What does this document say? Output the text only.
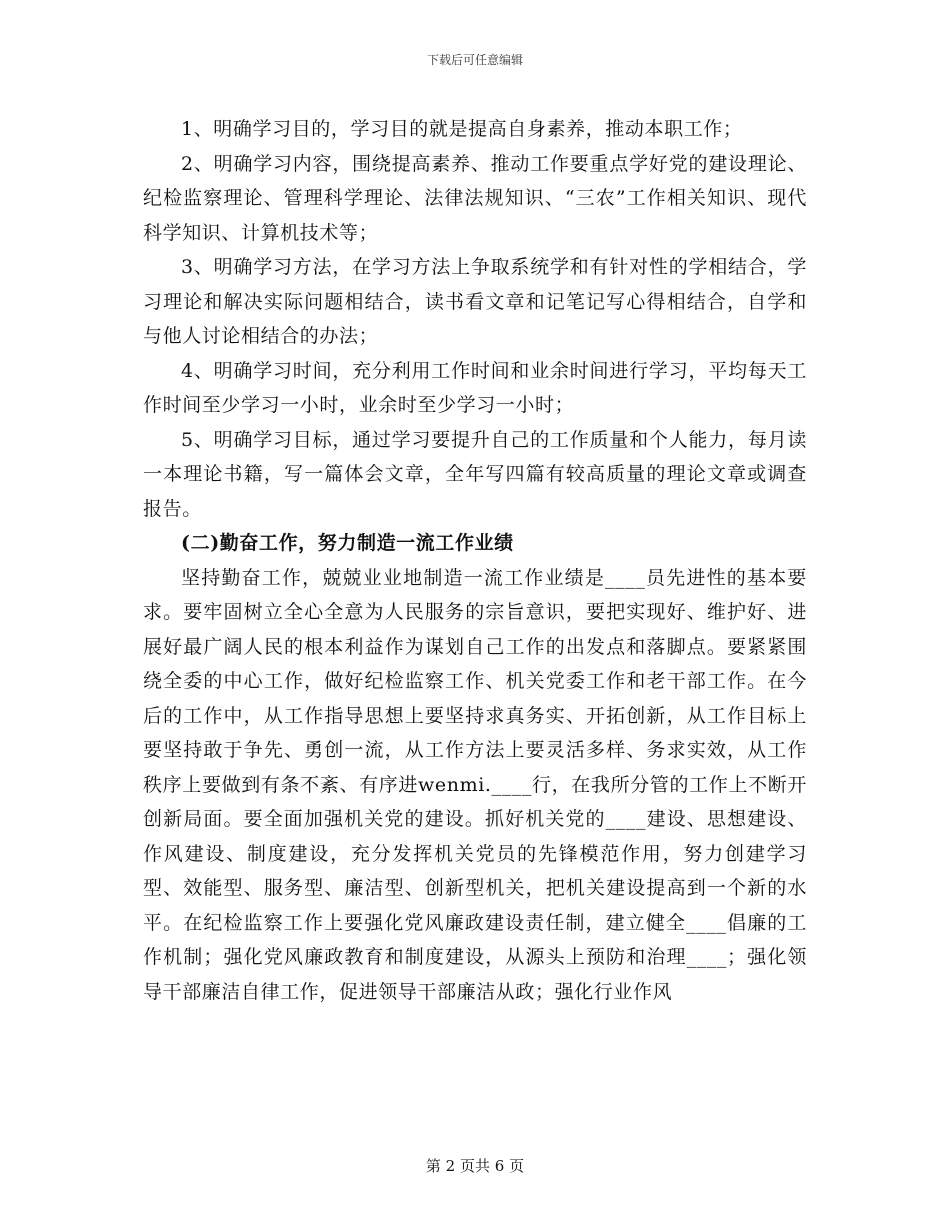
下载后可任意编辑

1、明确学习目的，学习目的就是提高自身素养，推动本职工作；

2、明确学习内容，围绕提高素养、推动工作要重点学好党的建设理论、纪检监察理论、管理科学理论、法律法规知识、“三农”工作相关知识、现代科学知识、计算机技术等；

3、明确学习方法，在学习方法上争取系统学和有针对性的学相结合，学习理论和解决实际问题相结合，读书看文章和记笔记写心得相结合，自学和与他人讨论相结合的办法；

4、明确学习时间，充分利用工作时间和业余时间进行学习，平均每天工作时间至少学习一小时，业余时至少学习一小时；

5、明确学习目标，通过学习要提升自己的工作质量和个人能力，每月读一本理论书籍，写一篇体会文章，全年写四篇有较高质量的理论文章或调查报告。

(二)勤奋工作，努力制造一流工作业绩

坚持勤奋工作，兢兢业业地制造一流工作业绩是____员先进性的基本要求。要牢固树立全心全意为人民服务的宗旨意识，要把实现好、维护好、进展好最广阔人民的根本利益作为谋划自己工作的出发点和落脚点。要紧紧围绕全委的中心工作，做好纪检监察工作、机关党委工作和老干部工作。在今后的工作中，从工作指导思想上要坚持求真务实、开拓创新，从工作目标上要坚持敢于争先、勇创一流，从工作方法上要灵活多样、务求实效，从工作秩序上要做到有条不紊、有序进wenmi.____行，在我所分管的工作上不断开创新局面。要全面加强机关党的建设。抓好机关党的____建设、思想建设、作风建设、制度建设，充分发挥机关党员的先锋模范作用，努力创建学习型、效能型、服务型、廉洁型、创新型机关，把机关建设提高到一个新的水平。在纪检监察工作上要强化党风廉政建设责任制，建立健全____倡廉的工作机制；强化党风廉政教育和制度建设，从源头上预防和治理____；强化领导干部廉洁自律工作，促进领导干部廉洁从政；强化行业作风

第 2 页共 6 页
